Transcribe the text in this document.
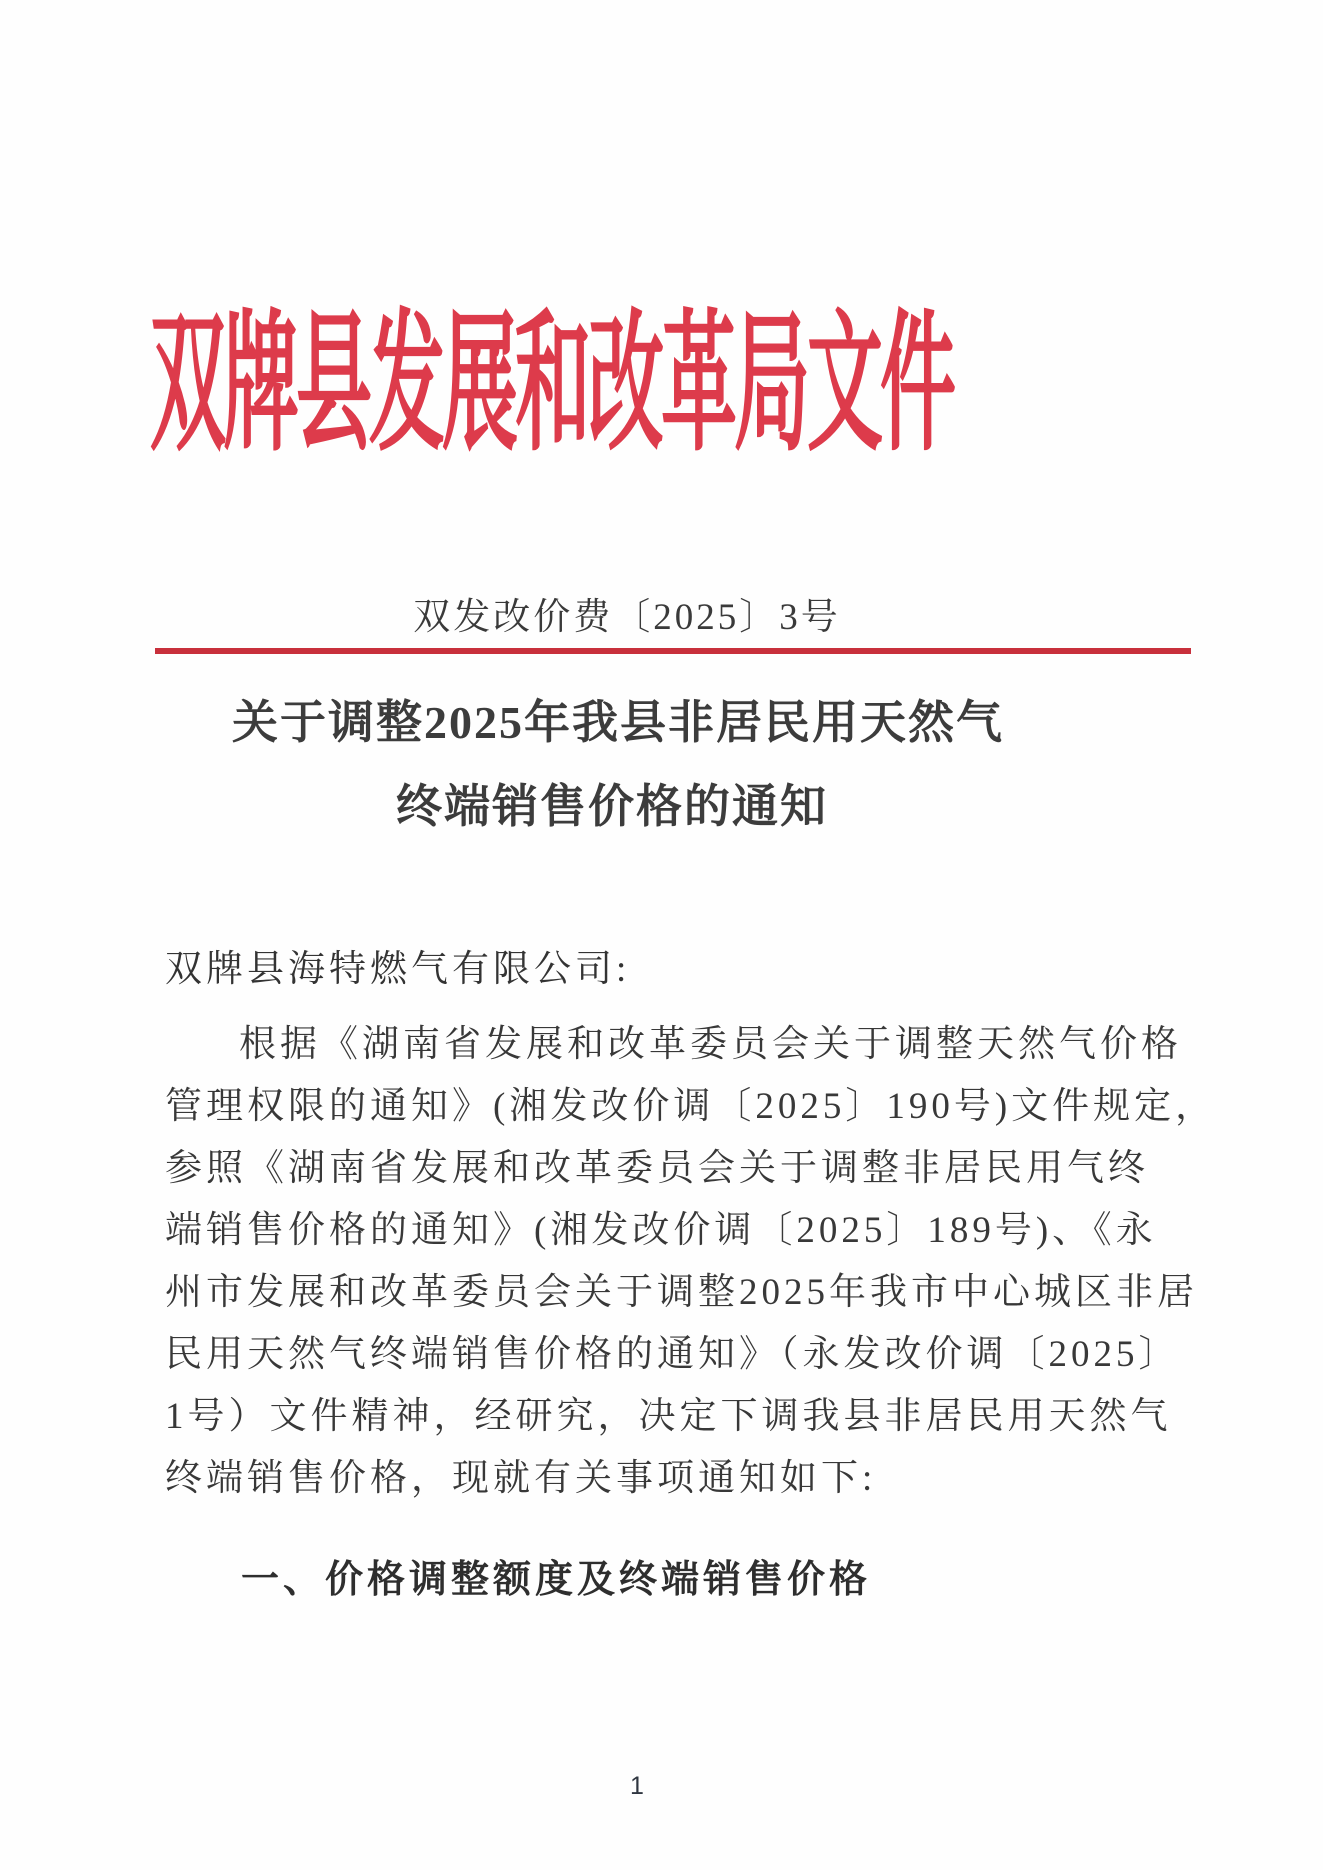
双牌县发展和改革局文件
双发改价费〔2025〕3号
关于调整2025年我县非居民用天然气
终端销售价格的通知
双牌县海特燃气有限公司:
根据《湖南省发展和改革委员会关于调整天然气价格
管理权限的通知》(湘发改价调〔2025〕190号)文件规定，
参照《湖南省发展和改革委员会关于调整非居民用气终
端销售价格的通知》(湘发改价调〔2025〕189号)、《永
州市发展和改革委员会关于调整2025年我市中心城区非居
民用天然气终端销售价格的通知》（永发改价调〔2025〕
1号）文件精神，经研究，决定下调我县非居民用天然气
终端销售价格，现就有关事项通知如下:
一、价格调整额度及终端销售价格
1
